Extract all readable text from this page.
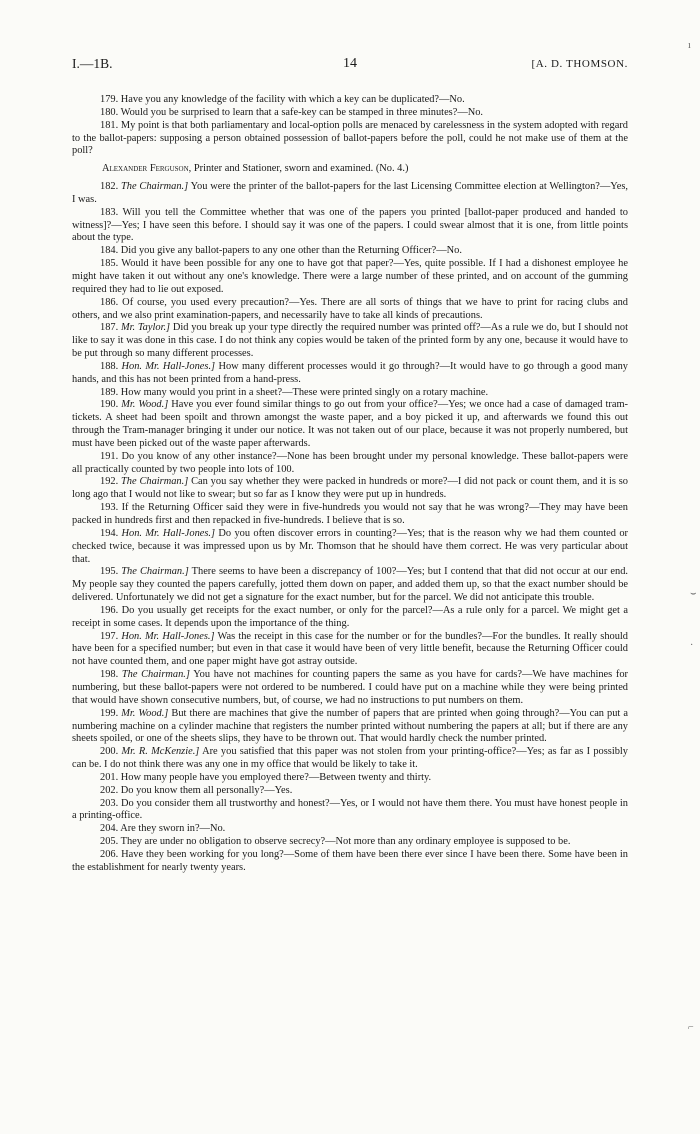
ı
⌣
·
⌐
I.—1B.	14	[A. D. THOMSON.

179. Have you any knowledge of the facility with which a key can be duplicated?—No.

180. Would you be surprised to learn that a safe-key can be stamped in three minutes?—No.

181. My point is that both parliamentary and local-option polls are menaced by carelessness in the system adopted with regard to the ballot-papers: supposing a person obtained possession of ballot-papers before the poll, could he not make use of them at the poll?

Alexander Ferguson, Printer and Stationer, sworn and examined. (No. 4.)

182. The Chairman.] You were the printer of the ballot-papers for the last Licensing Committee election at Wellington?—Yes, I was.

183. Will you tell the Committee whether that was one of the papers you printed [ballot-paper produced and handed to witness]?—Yes; I have seen this before. I should say it was one of the papers. I could swear almost that it is one, from little points about the type.

184. Did you give any ballot-papers to any one other than the Returning Officer?—No.

185. Would it have been possible for any one to have got that paper?—Yes, quite possible. If I had a dishonest employee he might have taken it out without any one's knowledge. There were a large number of these printed, and on account of the gumming required they had to lie out exposed.

186. Of course, you used every precaution?—Yes. There are all sorts of things that we have to print for racing clubs and others, and we also print examination-papers, and necessarily have to take all kinds of precautions.

187. Mr. Taylor.] Did you break up your type directly the required number was printed off?—As a rule we do, but I should not like to say it was done in this case. I do not think any copies would be taken of the printed form by any one, because it would have to be put through so many different processes.

188. Hon. Mr. Hall-Jones.] How many different processes would it go through?—It would have to go through a good many hands, and this has not been printed from a hand-press.

189. How many would you print in a sheet?—These were printed singly on a rotary machine.

190. Mr. Wood.] Have you ever found similar things to go out from your office?—Yes; we once had a case of damaged tram-tickets. A sheet had been spoilt and thrown amongst the waste paper, and a boy picked it up, and afterwards we found this out through the Tram-manager bringing it under our notice. It was not taken out of our place, because it was not properly numbered, but must have been picked out of the waste paper afterwards.

191. Do you know of any other instance?—None has been brought under my personal knowledge. These ballot-papers were all practically counted by two people into lots of 100.

192. The Chairman.] Can you say whether they were packed in hundreds or more?—I did not pack or count them, and it is so long ago that I would not like to swear; but so far as I know they were put up in hundreds.

193. If the Returning Officer said they were in five-hundreds you would not say that he was wrong?—They may have been packed in hundreds first and then repacked in five-hundreds. I believe that is so.

194. Hon. Mr. Hall-Jones.] Do you often discover errors in counting?—Yes; that is the reason why we had them counted or checked twice, because it was impressed upon us by Mr. Thomson that he should have them correct. He was very particular about that.

195. The Chairman.] There seems to have been a discrepancy of 100?—Yes; but I contend that that did not occur at our end. My people say they counted the papers carefully, jotted them down on paper, and added them up, so that the exact number should be delivered. Unfortunately we did not get a signature for the exact number, but for the parcel. We did not anticipate this trouble.

196. Do you usually get receipts for the exact number, or only for the parcel?—As a rule only for a parcel. We might get a receipt in some cases. It depends upon the importance of the thing.

197. Hon. Mr. Hall-Jones.] Was the receipt in this case for the number or for the bundles?—For the bundles. It really should have been for a specified number; but even in that case it would have been of very little benefit, because the Returning Officer could not have counted them, and one paper might have got astray outside.

198. The Chairman.] You have not machines for counting papers the same as you have for cards?—We have machines for numbering, but these ballot-papers were not ordered to be numbered. I could have put on a machine while they were being printed that would have shown consecutive numbers, but, of course, we had no instructions to put numbers on them.

199. Mr. Wood.] But there are machines that give the number of papers that are printed when going through?—You can put a numbering machine on a cylinder machine that registers the number printed without numbering the papers at all; but if there are any sheets spoiled, or one of the sheets slips, they have to be thrown out. That would hardly check the number printed.

200. Mr. R. McKenzie.] Are you satisfied that this paper was not stolen from your printing-office?—Yes; as far as I possibly can be. I do not think there was any one in my office that would be likely to take it.

201. How many people have you employed there?—Between twenty and thirty.

202. Do you know them all personally?—Yes.

203. Do you consider them all trustworthy and honest?—Yes, or I would not have them there. You must have honest people in a printing-office.

204. Are they sworn in?—No.

205. They are under no obligation to observe secrecy?—Not more than any ordinary employee is supposed to be.

206. Have they been working for you long?—Some of them have been there ever since I have been there. Some have been in the establishment for nearly twenty years.
